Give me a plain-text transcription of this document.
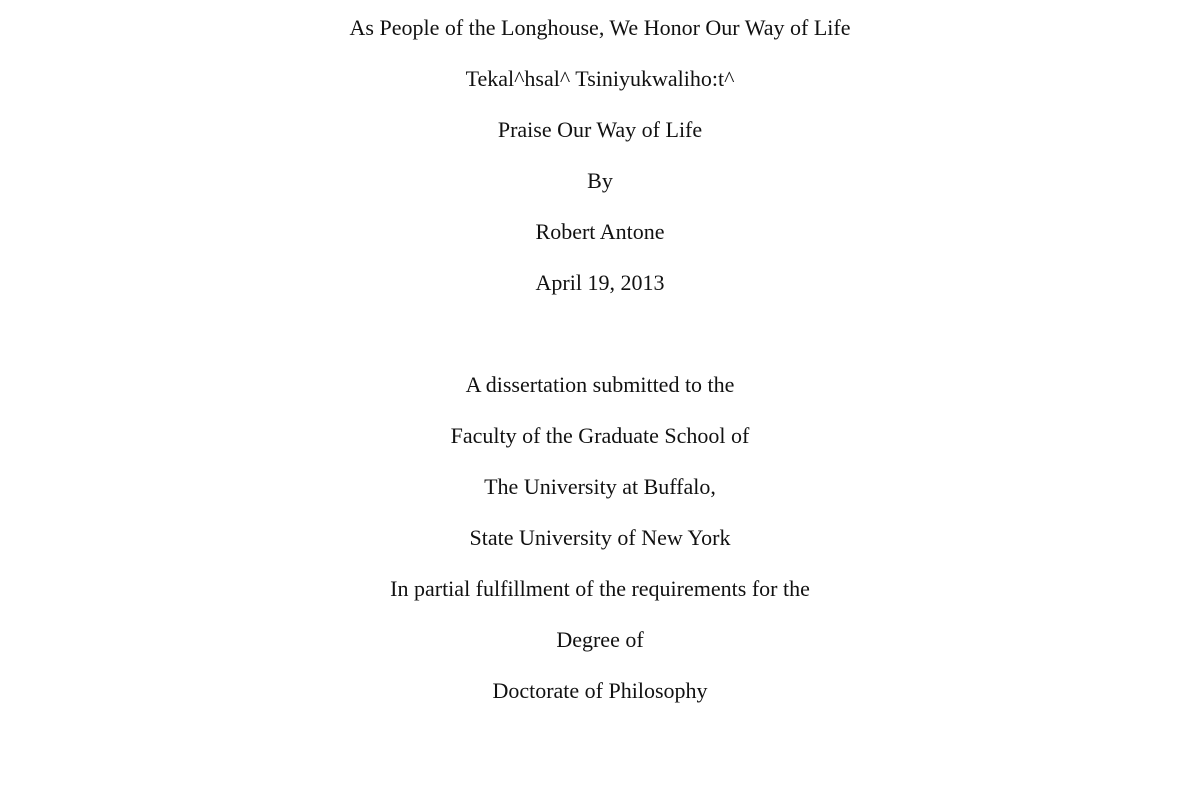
As People of the Longhouse, We Honor Our Way of Life
Tekal^hsal^ Tsiniyukwaliho:t^
Praise Our Way of Life
By
Robert Antone
April 19, 2013
A dissertation submitted to the
Faculty of the Graduate School of
The University at Buffalo,
State University of New York
In partial fulfillment of the requirements for the
Degree of
Doctorate of Philosophy
